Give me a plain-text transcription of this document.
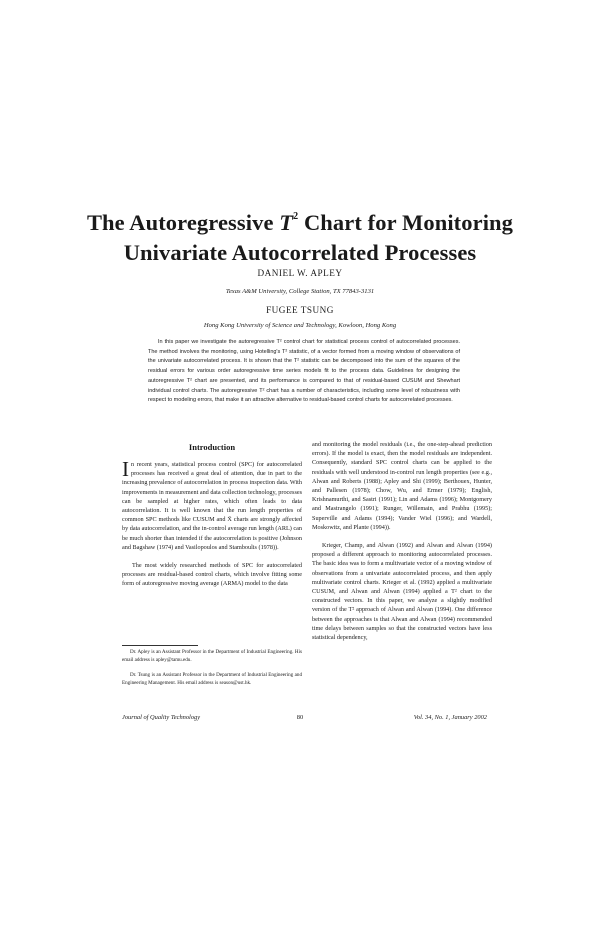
The Autoregressive $T^2$ Chart for Monitoring
Univariate Autocorrelated Processes
DANIEL W. APLEY
Texas A&M University, College Station, TX 77843-3131
FUGEE TSUNG
Hong Kong University of Science and Technology, Kowloon, Hong Kong

In this paper we investigate the autoregressive T² control chart for statistical process control of autocorrelated processes. The method involves the monitoring, using Hotelling's T² statistic, of a vector formed from a moving window of observations of the univariate autocorrelated process. It is shown that the T² statistic can be decomposed into the sum of the squares of the residual errors for various order autoregressive time series models fit to the process data. Guidelines for designing the autoregressive T² chart are presented, and its performance is compared to that of residual-based CUSUM and Shewhart individual control charts. The autoregressive T² chart has a number of characteristics, including some level of robustness with respect to modeling errors, that make it an attractive alternative to residual-based control charts for autocorrelated processes.

Introduction

In recent years, statistical process control (SPC) for autocorrelated processes has received a great deal of attention, due in part to the increasing prevalence of autocorrelation in process inspection data. With improvements in measurement and data collection technology, processes can be sampled at higher rates, which often leads to data autocorrelation. It is well known that the run length properties of common SPC methods like CUSUM and X̄ charts are strongly affected by data autocorrelation, and the in-control average run length (ARL) can be much shorter than intended if the autocorrelation is positive (Johnson and Bagshaw (1974) and Vasilopoulos and Stamboulis (1978)).

The most widely researched methods of SPC for autocorrelated processes are residual-based control charts, which involve fitting some form of autoregressive moving average (ARMA) model to the data

and monitoring the model residuals (i.e., the one-step-ahead prediction errors). If the model is exact, then the model residuals are independent. Consequently, standard SPC control charts can be applied to the residuals with well understood in-control run length properties (see e.g., Alwan and Roberts (1988); Apley and Shi (1999); Berthouex, Hunter, and Pallesen (1978); Chow, Wu, and Ermer (1979); English, Krishnamurthi, and Sastri (1991); Lin and Adams (1996); Montgomery and Mastrangelo (1991); Runger, Willemain, and Prabhu (1995); Superville and Adams (1994); Vander Wiel (1996); and Wardell, Moskowitz, and Plante (1994)).

Krieger, Champ, and Alwan (1992) and Alwan and Alwan (1994) proposed a different approach to monitoring autocorrelated processes. The basic idea was to form a multivariate vector of a moving window of observations from a univariate autocorrelated process, and then apply multivariate control charts. Krieger et al. (1992) applied a multivariate CUSUM, and Alwan and Alwan (1994) applied a T² chart to the constructed vectors. In this paper, we analyze a slightly modified version of the T² approach of Alwan and Alwan (1994). One difference between the approaches is that Alwan and Alwan (1994) recommended time delays between samples so that the constructed vectors have less statistical dependency,

Dr. Apley is an Assistant Professor in the Department of Industrial Engineering. His email address is apley@tamu.edu.

Dr. Tsung is an Assistant Professor in the Department of Industrial Engineering and Engineering Management. His email address is season@ust.hk.

Journal of Quality Technology	80	Vol. 34, No. 1, January 2002
